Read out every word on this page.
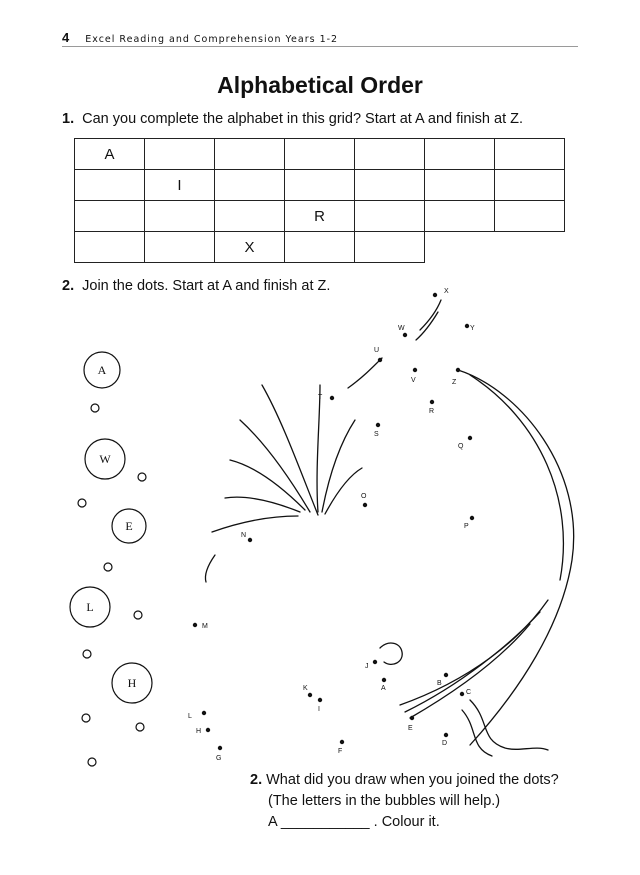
4 Excel Reading and Comprehension Years 1-2
Alphabetical Order
1. Can you complete the alphabet in this grid? Start at A and finish at Z.
A						
	I					
			R			
		X				
2. Join the dots. Start at A and finish at Z.
A
B
C
D
E
F
G
H
I
J
K
L
M
N
O
P
Q
R
S
T
U
V
W
X
Y
Z
A
W
E
L
H
2. What did you draw when you joined the dots?
(The letters in the bubbles will help.)
A ___________ . Colour it.
